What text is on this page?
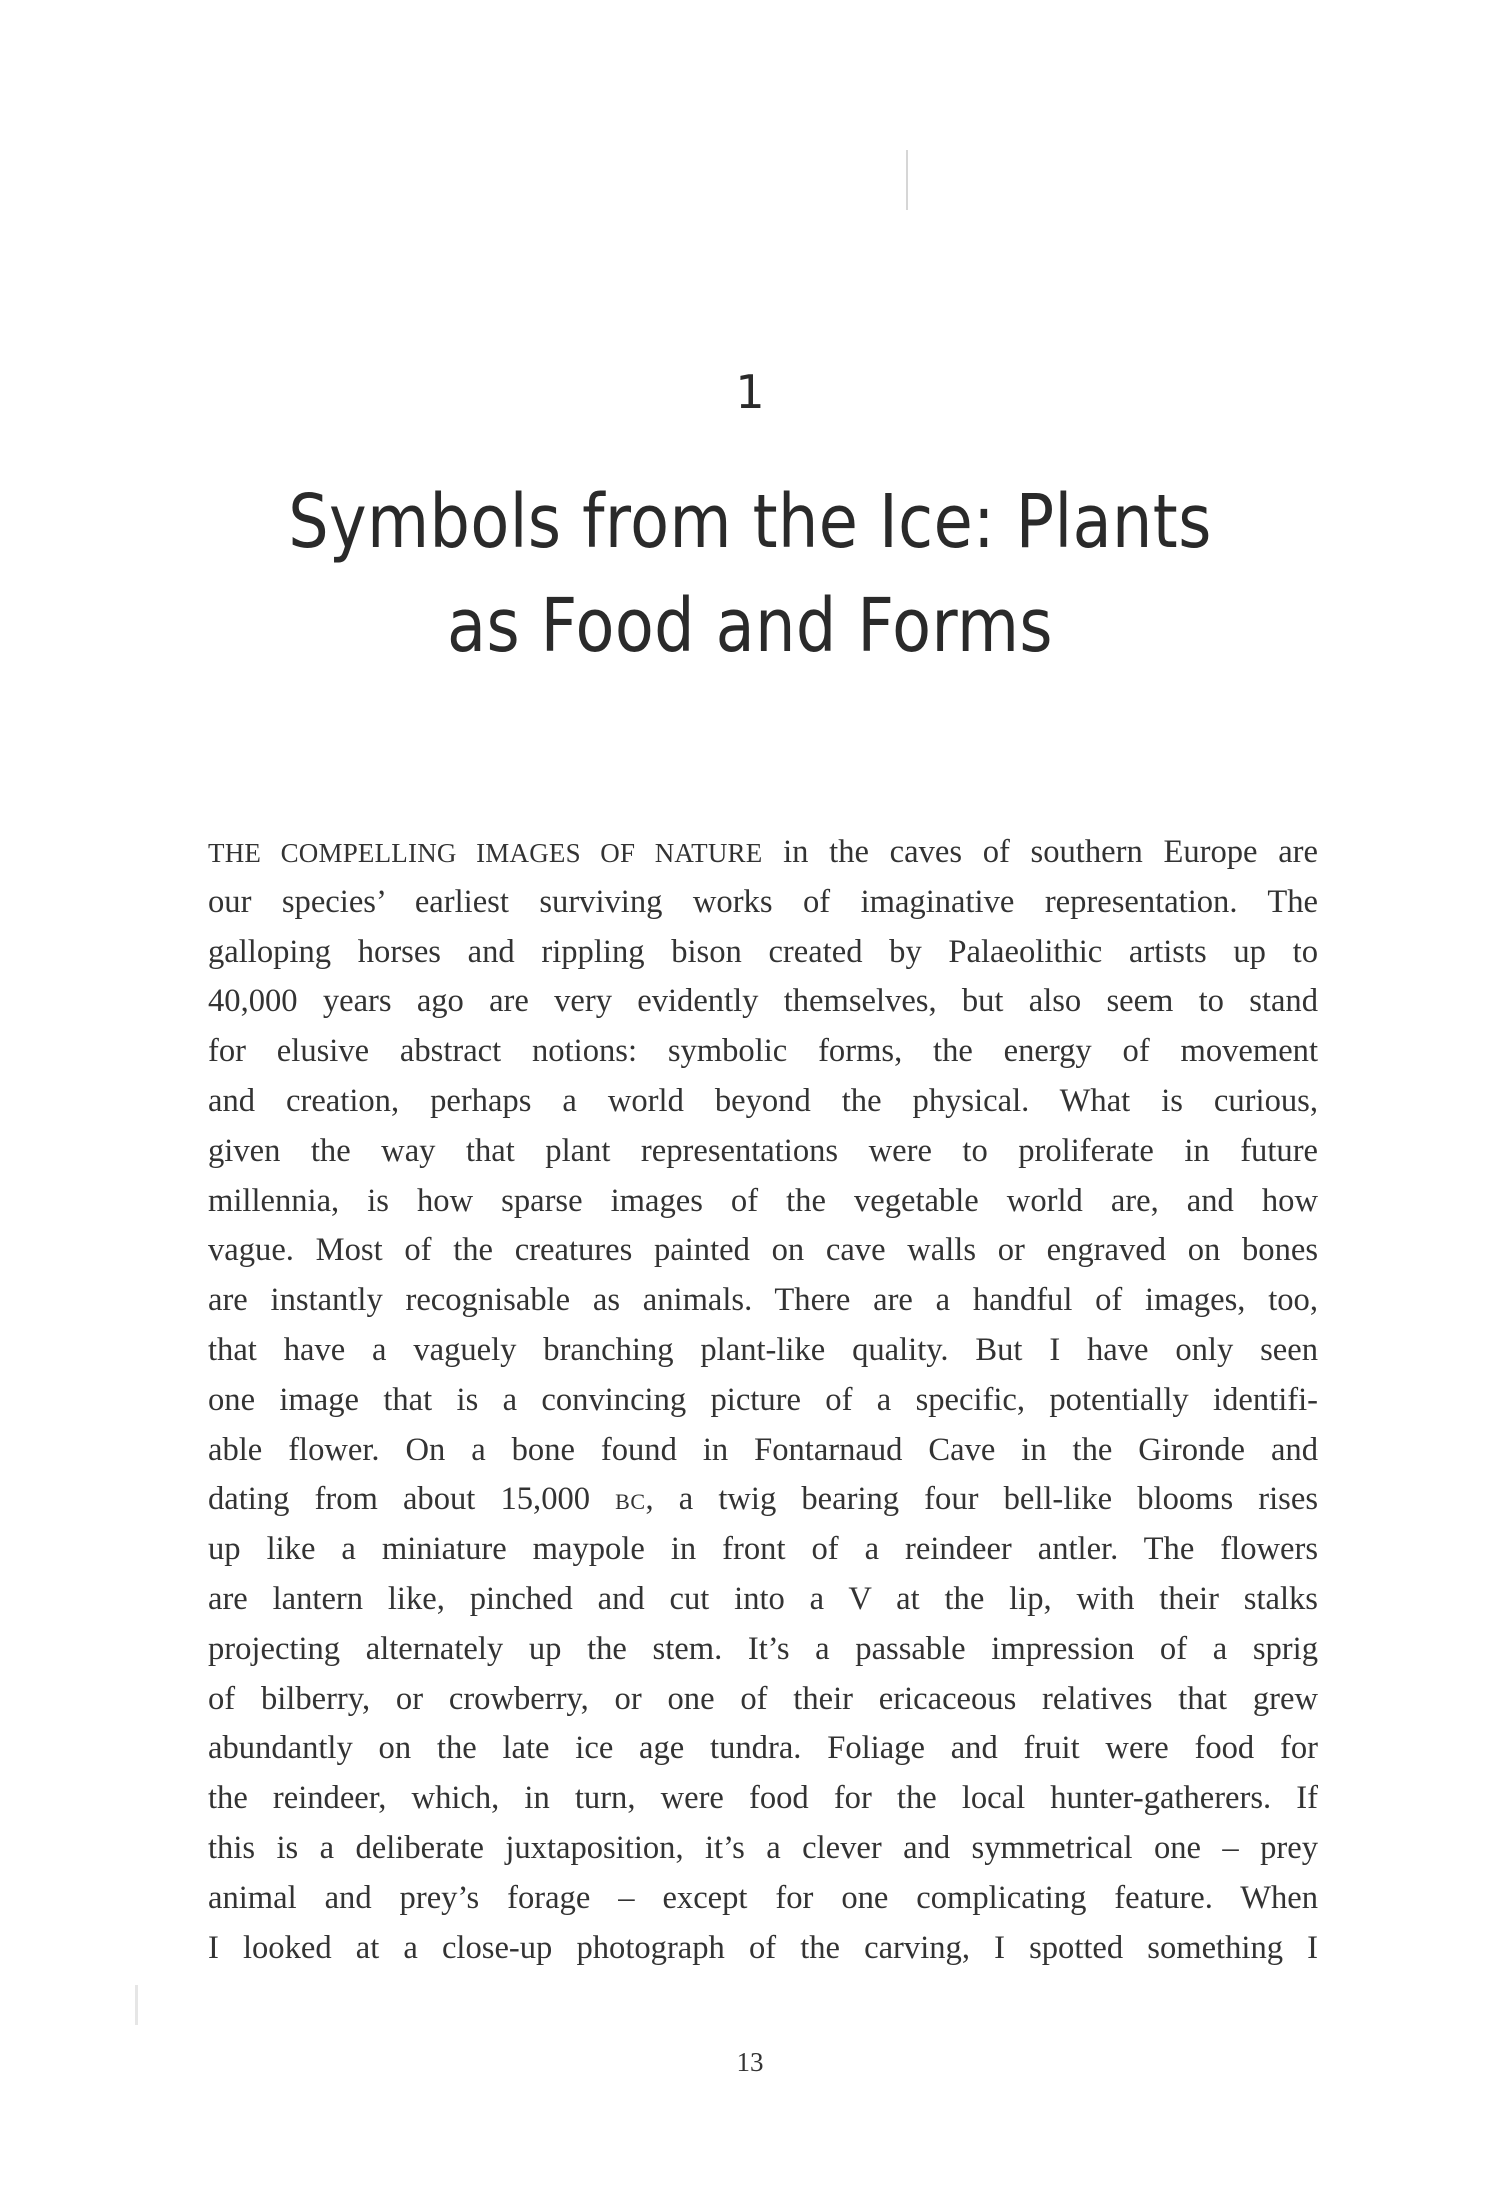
1
Symbols from the Ice: Plants
as Food and Forms
THE COMPELLING IMAGES OF NATURE in the caves of southern Europe are
our species’ earliest surviving works of imaginative representation. The
galloping horses and rippling bison created by Palaeolithic artists up to
40,000 years ago are very evidently themselves, but also seem to stand
for elusive abstract notions: symbolic forms, the energy of movement
and creation, perhaps a world beyond the physical. What is curious,
given the way that plant representations were to proliferate in future
millennia, is how sparse images of the vegetable world are, and how
vague. Most of the creatures painted on cave walls or engraved on bones
are instantly recognisable as animals. There are a handful of images, too,
that have a vaguely branching plant-like quality. But I have only seen
one image that is a convincing picture of a specific, potentially identifi-
able flower. On a bone found in Fontarnaud Cave in the Gironde and
dating from about 15,000 BC, a twig bearing four bell-like blooms rises
up like a miniature maypole in front of a reindeer antler. The flowers
are lantern like, pinched and cut into a V at the lip, with their stalks
projecting alternately up the stem. It’s a passable impression of a sprig
of bilberry, or crowberry, or one of their ericaceous relatives that grew
abundantly on the late ice age tundra. Foliage and fruit were food for
the reindeer, which, in turn, were food for the local hunter-gatherers. If
this is a deliberate juxtaposition, it’s a clever and symmetrical one – prey
animal and prey’s forage – except for one complicating feature. When
I looked at a close-up photograph of the carving, I spotted something I
13
